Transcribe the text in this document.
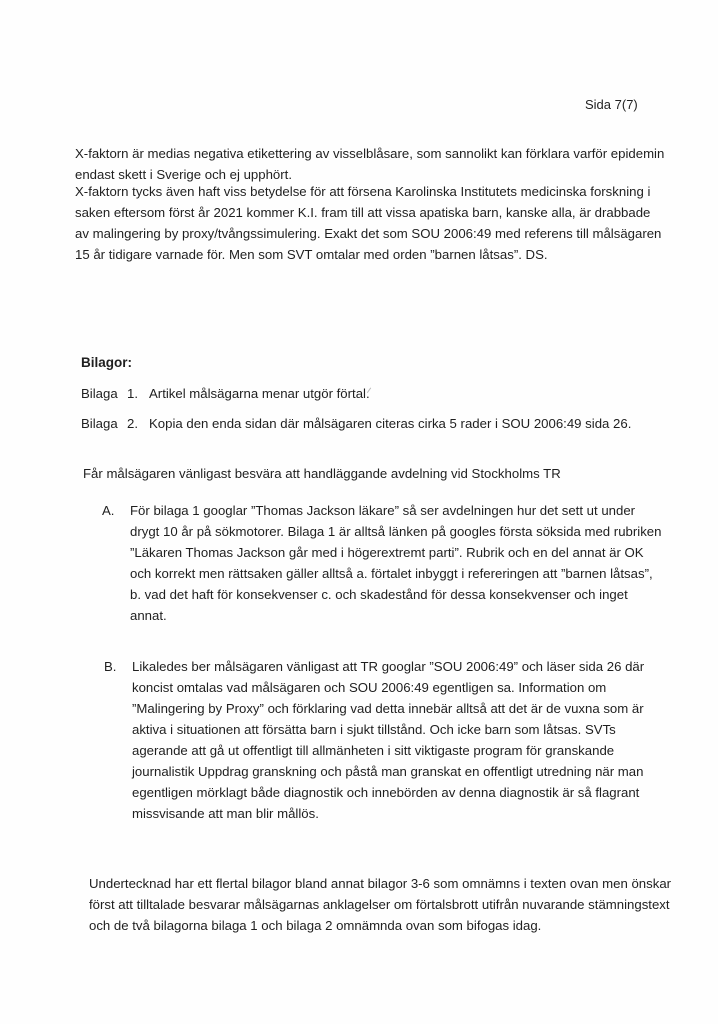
Sida 7(7)

X-faktorn är medias negativa etikettering av visselblåsare, som sannolikt kan förklara varför epidemin endast skett i Sverige och ej upphört.

X-faktorn tycks även haft viss betydelse för att försena Karolinska Institutets medicinska forskning i saken eftersom först år 2021 kommer K.I. fram till att vissa apatiska barn, kanske alla, är drabbade av malingering by proxy/tvångssimulering. Exakt det som SOU 2006:49 med referens till målsägaren 15 år tidigare varnade för. Men som SVT omtalar med orden ”barnen låtsas”. DS.

Bilagor:
Bilaga 1. Artikel målsägarna menar utgör förtal.
Bilaga 2. Kopia den enda sidan där målsägaren citeras cirka 5 rader i SOU 2006:49 sida 26.
Får målsägaren vänligast besvära att handläggande avdelning vid Stockholms TR
A. För bilaga 1 googlar ”Thomas Jackson läkare” så ser avdelningen hur det sett ut under drygt 10 år på sökmotorer. Bilaga 1 är alltså länken på googles första söksida med rubriken ”Läkaren Thomas Jackson går med i högerextremt parti”. Rubrik och en del annat är OK och korrekt men rättsaken gäller alltså a. förtalet inbyggt i refereringen att ”barnen låtsas”, b. vad det haft för konsekvenser c. och skadestånd för dessa konsekvenser och inget annat.
B. Likaledes ber målsägaren vänligast att TR googlar ”SOU 2006:49” och läser sida 26 där koncist omtalas vad målsägaren och SOU 2006:49 egentligen sa. Information om ”Malingering by Proxy” och förklaring vad detta innebär alltså att det är de vuxna som är aktiva i situationen att försätta barn i sjukt tillstånd. Och icke barn som låtsas. SVTs agerande att gå ut offentligt till allmänheten i sitt viktigaste program för granskande journalistik Uppdrag granskning och påstå man granskat en offentligt utredning när man egentligen mörklagt både diagnostik och innebörden av denna diagnostik är så flagrant missvisande att man blir mållös.

Undertecknad har ett flertal bilagor bland annat bilagor 3-6 som omnämns i texten ovan men önskar först att tilltalade besvarar målsägarnas anklagelser om förtalsbrott utifrån nuvarande stämningstext och de två bilagorna bilaga 1 och bilaga 2 omnämnda ovan som bifogas idag.
